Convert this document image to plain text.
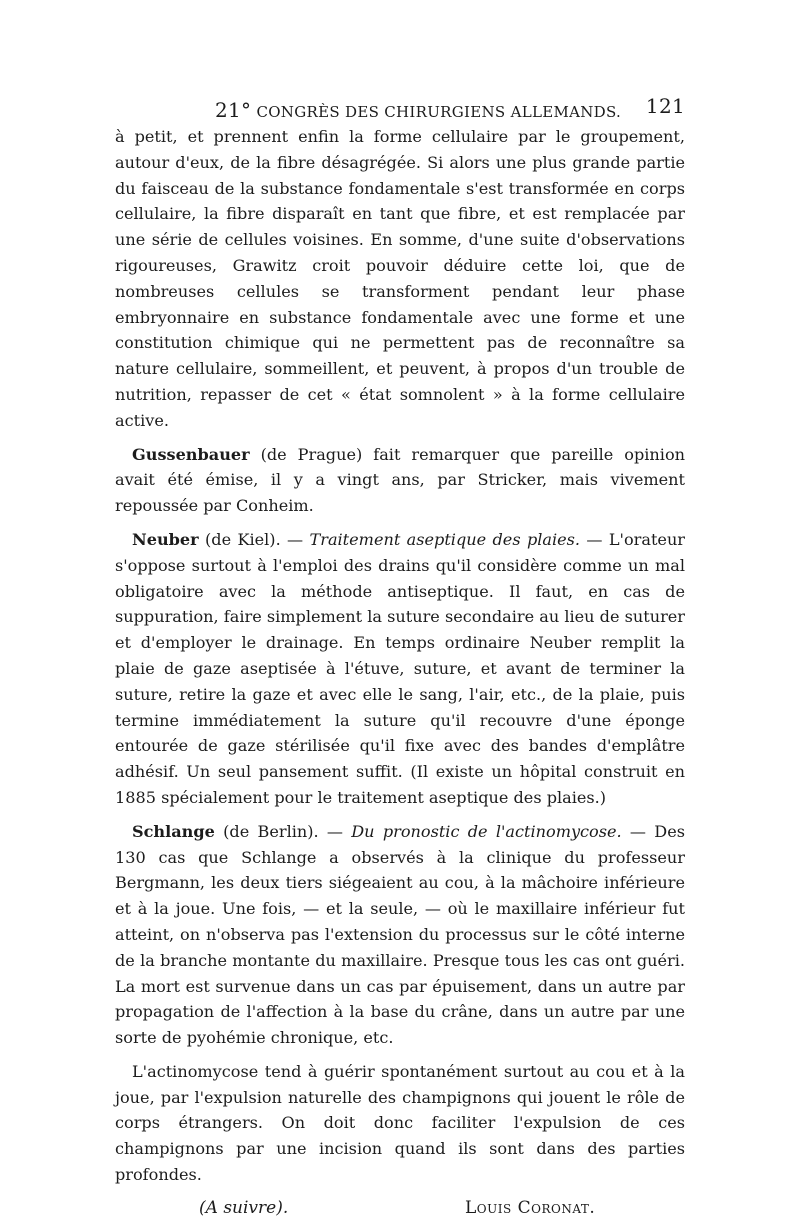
21° CONGRÈS DES CHIRURGIENS ALLEMANDS. 121

à petit, et prennent enfin la forme cellulaire par le groupement, autour d'eux, de la fibre désagrégée. Si alors une plus grande partie du faisceau de la substance fondamentale s'est transformée en corps cellulaire, la fibre disparaît en tant que fibre, et est remplacée par une série de cellules voisines. En somme, d'une suite d'observations rigoureuses, Grawitz croit pouvoir déduire cette loi, que de nombreuses cellules se transforment pendant leur phase embryonnaire en substance fondamentale avec une forme et une constitution chimique qui ne permettent pas de reconnaître sa nature cellulaire, sommeillent, et peuvent, à propos d'un trouble de nutrition, repasser de cet « état somnolent » à la forme cellulaire active.

Gussenbauer (de Prague) fait remarquer que pareille opinion avait été émise, il y a vingt ans, par Stricker, mais vivement repoussée par Conheim.

Neuber (de Kiel). — Traitement aseptique des plaies. — L'orateur s'oppose surtout à l'emploi des drains qu'il considère comme un mal obligatoire avec la méthode antiseptique. Il faut, en cas de suppuration, faire simplement la suture secondaire au lieu de suturer et d'employer le drainage. En temps ordinaire Neuber remplit la plaie de gaze aseptisée à l'étuve, suture, et avant de terminer la suture, retire la gaze et avec elle le sang, l'air, etc., de la plaie, puis termine immédiatement la suture qu'il recouvre d'une éponge entourée de gaze stérilisée qu'il fixe avec des bandes d'emplâtre adhésif. Un seul pansement suffit. (Il existe un hôpital construit en 1885 spécialement pour le traitement aseptique des plaies.)

Schlange (de Berlin). — Du pronostic de l'actinomycose. — Des 130 cas que Schlange a observés à la clinique du professeur Bergmann, les deux tiers siégeaient au cou, à la mâchoire inférieure et à la joue. Une fois, — et la seule, — où le maxillaire inférieur fut atteint, on n'observa pas l'extension du processus sur le côté interne de la branche montante du maxillaire. Presque tous les cas ont guéri. La mort est survenue dans un cas par épuisement, dans un autre par propagation de l'affection à la base du crâne, dans un autre par une sorte de pyohémie chronique, etc.

L'actinomycose tend à guérir spontanément surtout au cou et à la joue, par l'expulsion naturelle des champignons qui jouent le rôle de corps étrangers. On doit donc faciliter l'expulsion de ces champignons par une incision quand ils sont dans des parties profondes.

(A suivre).	Louis Coronat.
